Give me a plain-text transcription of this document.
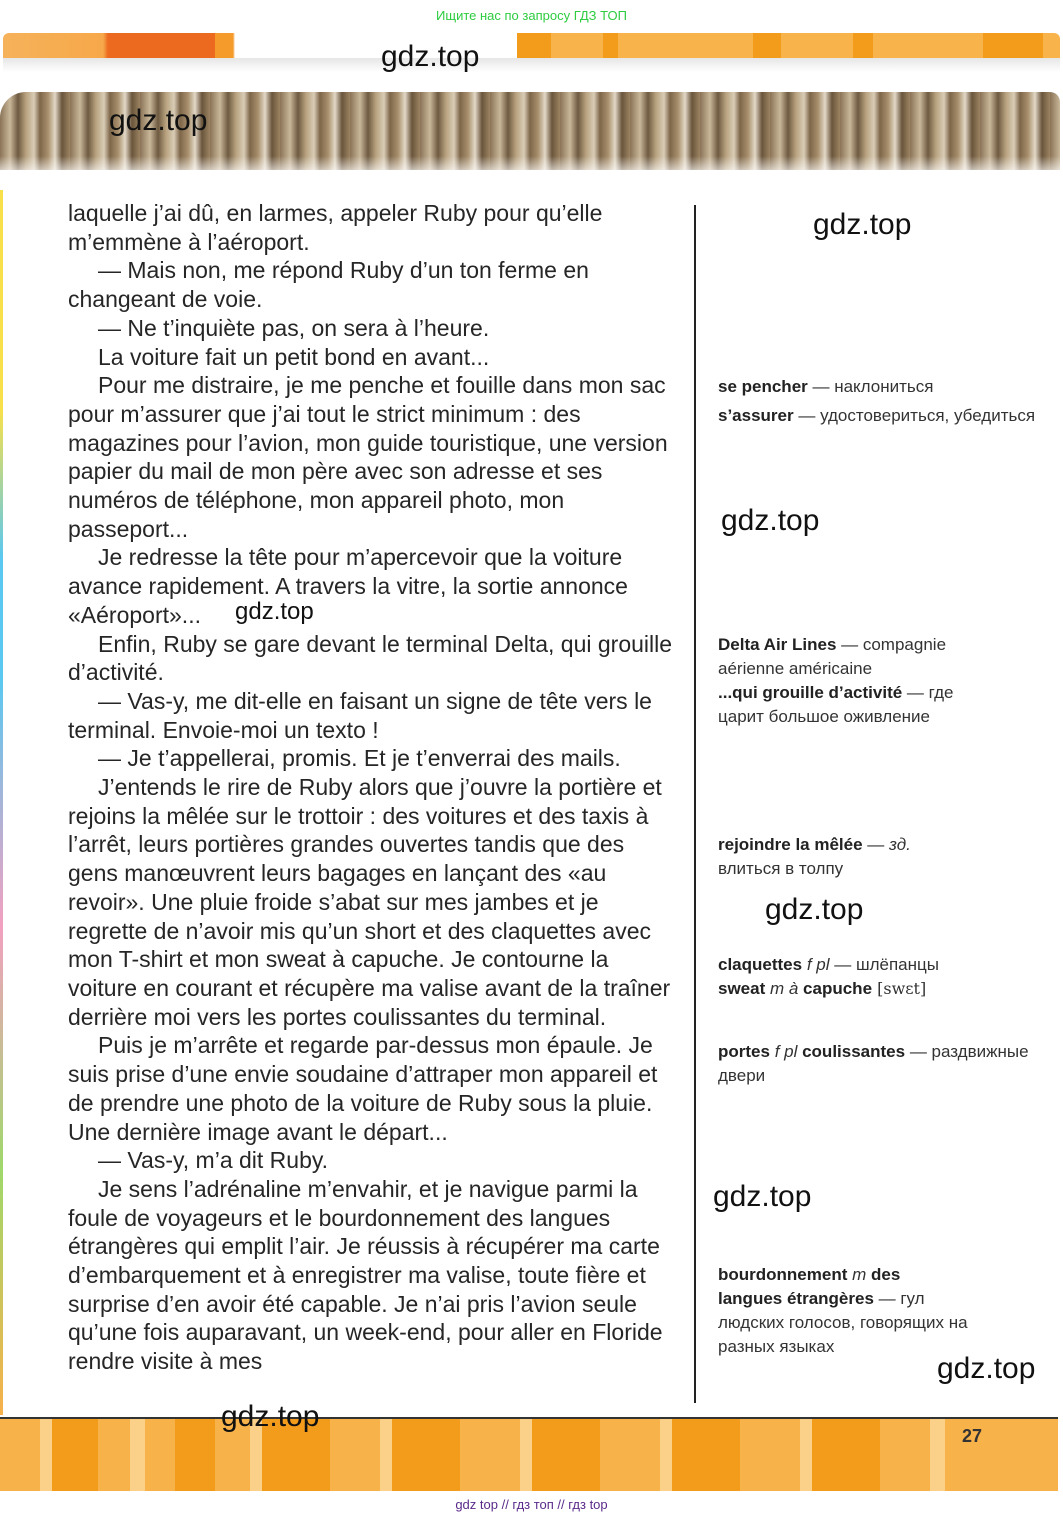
Ищите нас по запросу ГДЗ ТОП

laquelle j’ai dû, en larmes, appeler Ruby pour qu’elle m’emmène à l’aéroport.

— Mais non, me répond Ruby d’un ton ferme en changeant de voie.

— Ne t’inquiète pas, on sera à l’heure.

La voiture fait un petit bond en avant...

Pour me distraire, je me penche et fouille dans mon sac pour m’assurer que j’ai tout le strict minimum : des magazines pour l’avion, mon guide touristique, une version papier du mail de mon père avec son adresse et ses numéros de téléphone, mon appareil photo, mon passeport...

Je redresse la tête pour m’apercevoir que la voiture avance rapidement. A travers la vitre, la sortie annonce «Aéroport»...

Enfin, Ruby se gare devant le terminal Delta, qui grouille d’activité.

— Vas-y, me dit-elle en faisant un signe de tête vers le terminal. Envoie-moi un texto !

— Je t’appellerai, promis. Et je t’enverrai des mails.

J’entends le rire de Ruby alors que j’ouvre la portière et rejoins la mêlée sur le trottoir : des voitures et des taxis à l’arrêt, leurs portières grandes ouvertes tandis que des gens manœuvrent leurs bagages en lançant des «au revoir». Une pluie froide s’abat sur mes jambes et je regrette de n’avoir mis qu’un short et des claquettes avec mon T-shirt et mon sweat à capuche. Je contourne la voiture en courant et récupère ma valise avant de la traîner derrière moi vers les portes coulissantes du terminal.

Puis je m’arrête et regarde par-dessus mon épaule. Je suis prise d’une envie soudaine d’attraper mon appareil et de prendre une photo de la voiture de Ruby sous la pluie. Une dernière image avant le départ...

— Vas-y, m’a dit Ruby.

Je sens l’adrénaline m’envahir, et je navigue parmi la foule de voyageurs et le bourdonnement des langues étrangères qui emplit l’air. Je réussis à récupérer ma carte d’embarquement et à enregistrer ma valise, toute fière et surprise d’en avoir été capable. Je n’ai pris l’avion seule qu’une fois auparavant, un week-end, pour aller en Floride rendre visite à mes

se pencher — наклониться

s’assurer — удостовериться, убедиться

Delta Air Lines — compagnie aérienne américaine

...qui grouille d’activité — где царит большое оживление

rejoindre la mêlée — зд. влиться в толпу

claquettes f pl — шлёпанцы

sweat m à capuche [swɛt]

portes f pl coulissantes — раздвижные двери

bourdonnement m des langues étrangères — гул людских голосов, говорящих на разных языках

27
gdz top // гдз топ // гдз top
gdz.top
gdz.top
gdz.top
gdz.top
gdz.top
gdz.top
gdz.top
gdz.top
gdz.top
